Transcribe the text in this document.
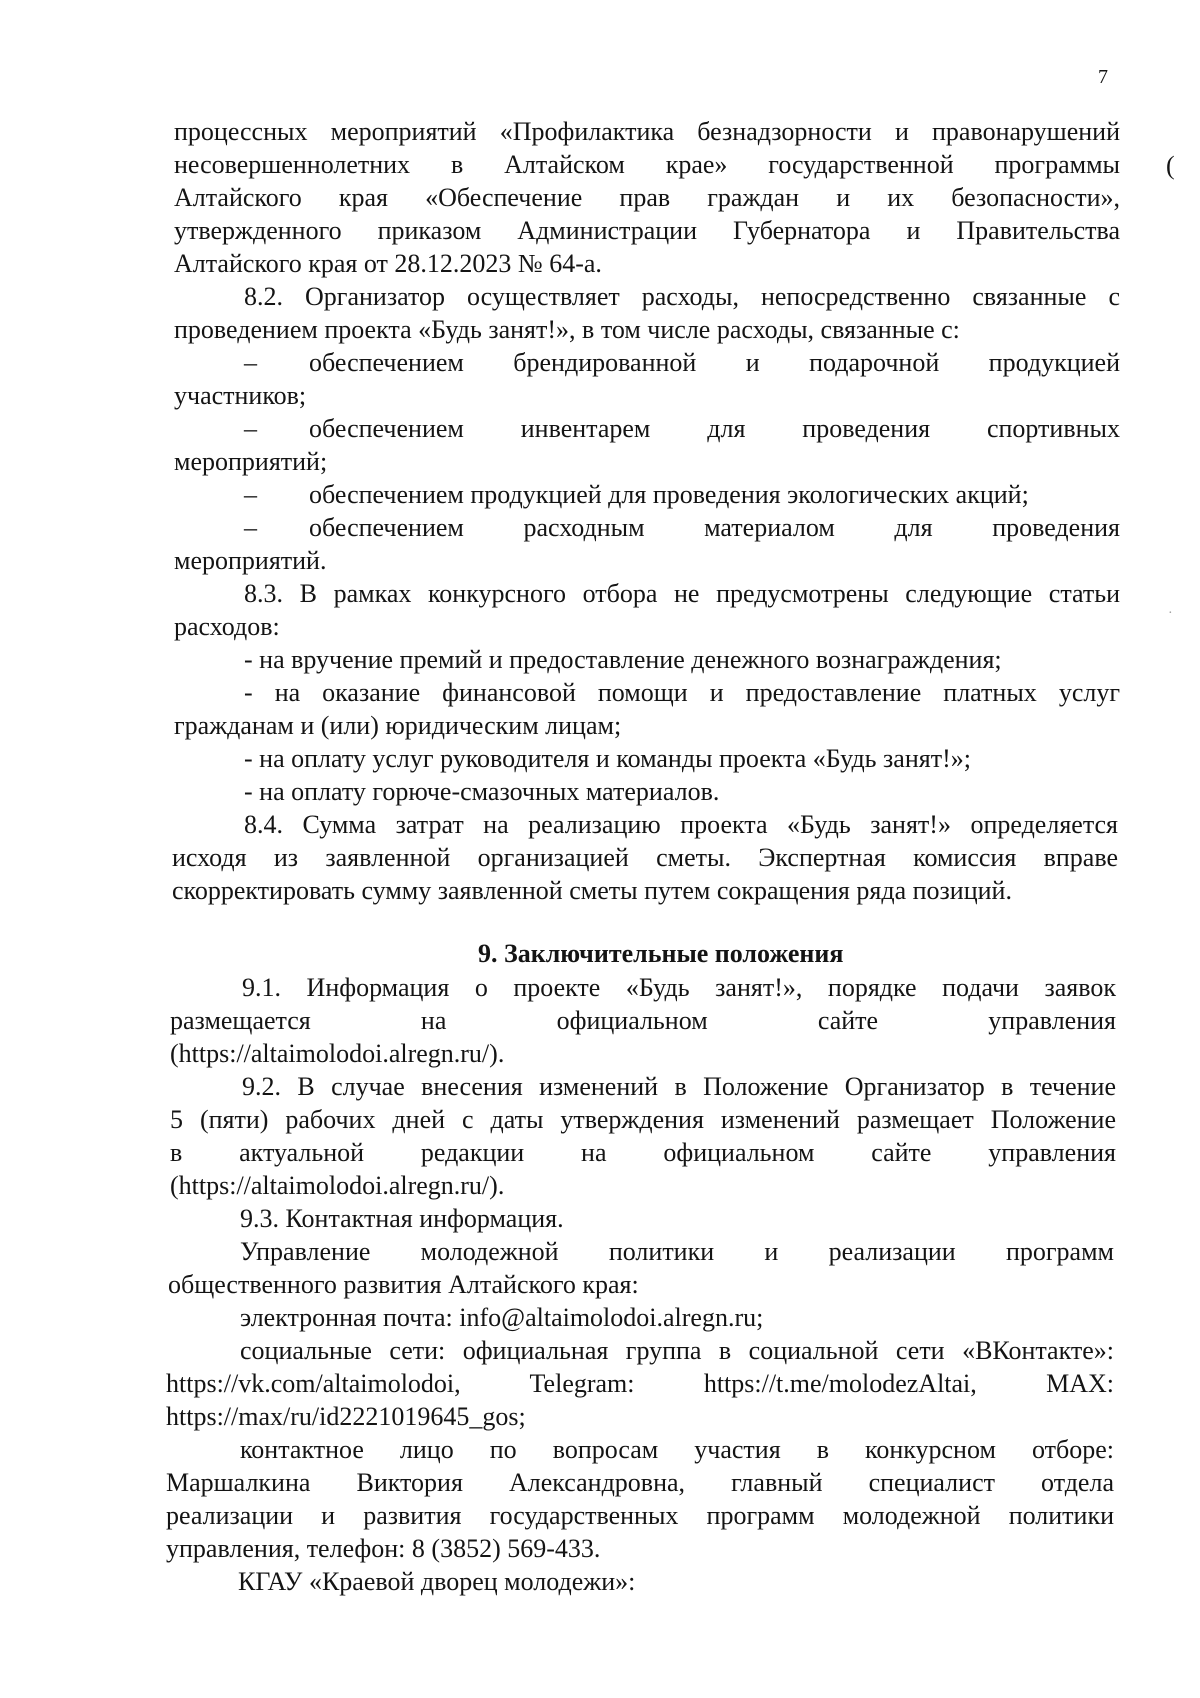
7
(
·
процессных мероприятий «Профилактика безнадзорности и правонарушений
несовершеннолетних в Алтайском крае» государственной программы
Алтайского края «Обеспечение прав граждан и их безопасности»,
утвержденного приказом Администрации Губернатора и Правительства
Алтайского края от 28.12.2023 № 64-а.
8.2. Организатор осуществляет расходы, непосредственно связанные с
проведением проекта «Будь занят!», в том числе расходы, связанные с:
–  обеспечением брендированной и подарочной продукцией
участников;
–  обеспечением инвентарем для проведения спортивных
мероприятий;
–  обеспечением продукцией для проведения экологических акций;
–  обеспечением расходным материалом для проведения
мероприятий.
8.3. В рамках конкурсного отбора не предусмотрены следующие статьи
расходов:
- на вручение премий и предоставление денежного вознаграждения;
- на оказание финансовой помощи и предоставление платных услуг
гражданам и (или) юридическим лицам;
- на оплату услуг руководителя и команды проекта «Будь занят!»;
- на оплату горюче-смазочных материалов.
8.4. Сумма затрат на реализацию проекта «Будь занят!» определяется
исходя из заявленной организацией сметы. Экспертная комиссия вправе
скорректировать сумму заявленной сметы путем сокращения ряда позиций.
9. Заключительные положения
9.1. Информация о проекте «Будь занят!», порядке подачи заявок
размещается на официальном сайте управления
(https://altaimolodoi.alregn.ru/).
9.2. В случае внесения изменений в Положение Организатор в течение
5 (пяти) рабочих дней с даты утверждения изменений размещает Положение
в актуальной редакции на официальном сайте управления
(https://altaimolodoi.alregn.ru/).
9.3. Контактная информация.
Управление молодежной политики и реализации программ
общественного развития Алтайского края:
электронная почта: info@altaimolodoi.alregn.ru;
социальные сети: официальная группа в социальной сети «ВКонтакте»:
https://vk.com/altaimolodoi, Telegram: https://t.me/molodezAltai, MAX:
https://max/ru/id2221019645_gos;
контактное лицо по вопросам участия в конкурсном отборе:
Маршалкина Виктория Александровна, главный специалист отдела
реализации и развития государственных программ молодежной политики
управления, телефон: 8 (3852) 569-433.
КГАУ «Краевой дворец молодежи»:
